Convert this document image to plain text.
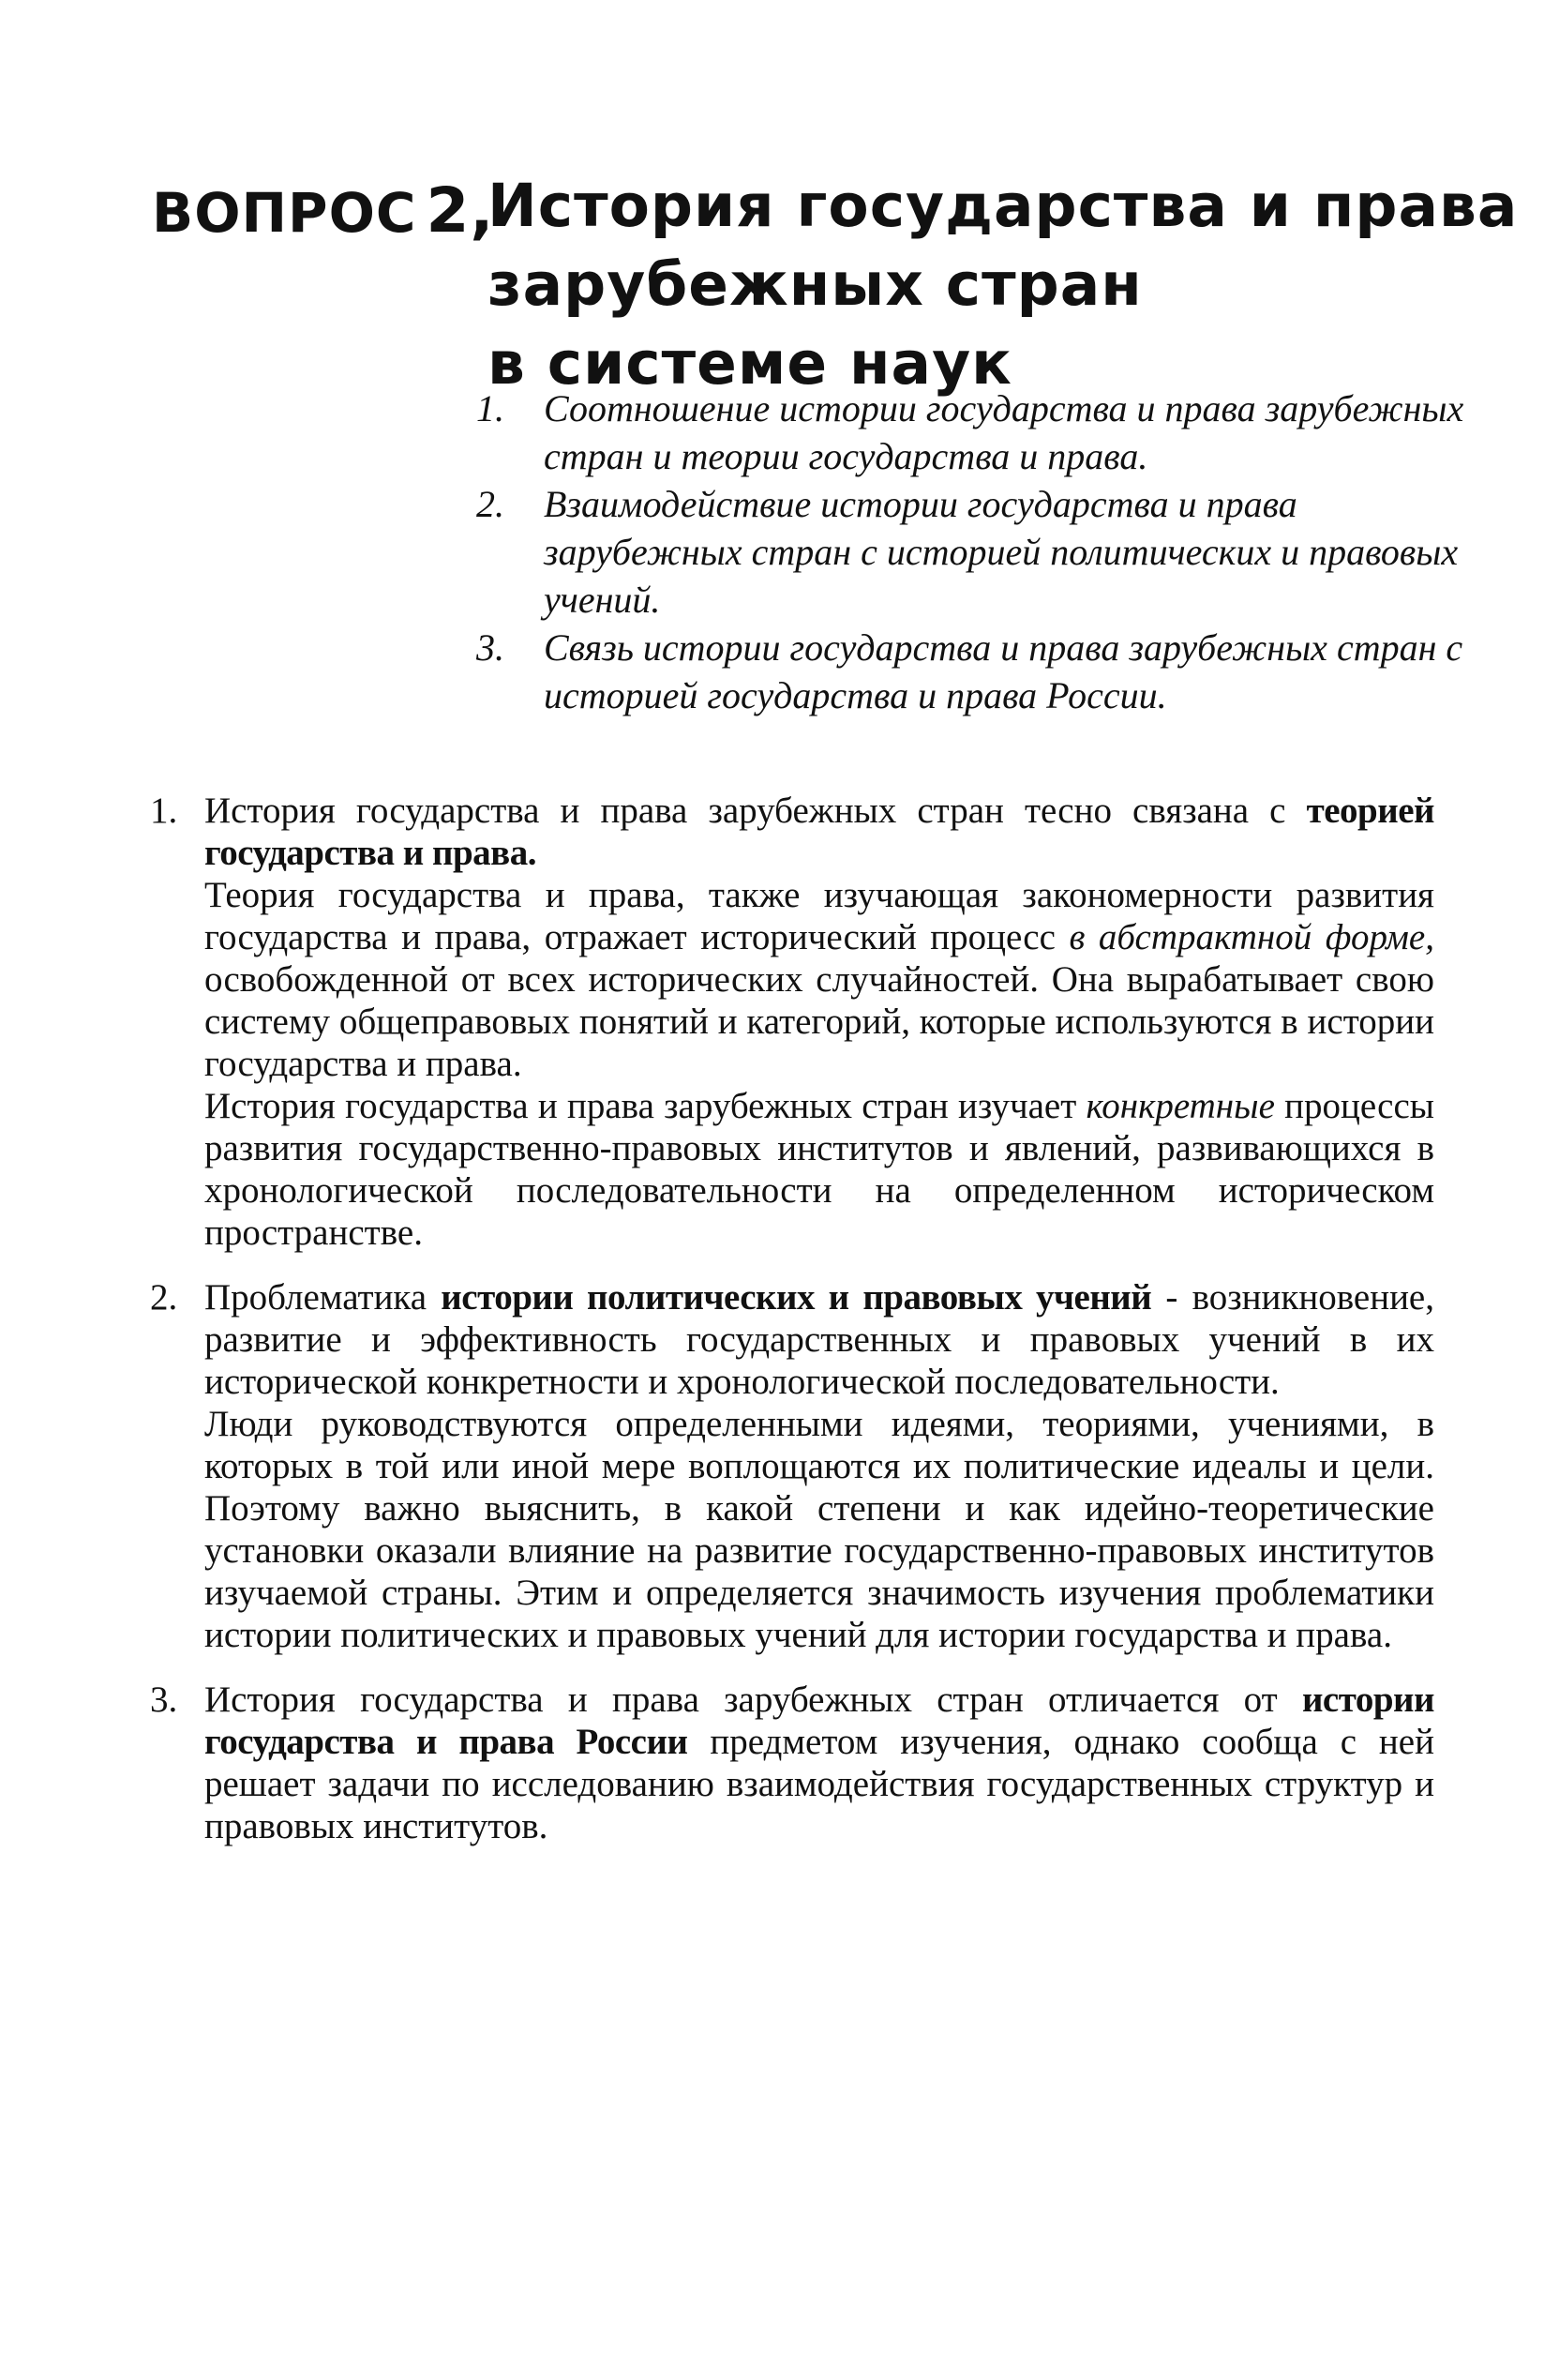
ВОПРОС 2,
История государства и права
зарубежных стран
в системе наук
1.	Соотношение истории государства и права зарубежных стран и теории государства и права.
2.	Взаимодействие истории государства и права зарубежных стран с историей политических и правовых учений.
3.	Связь истории государства и права зарубежных стран с историей государства и права России.
1. История государства и права зарубежных стран тесно связана с теорией государства и права.
Теория государства и права, также изучающая закономерности развития государства и права, отражает исторический процесс в абстрактной форме, освобожденной от всех исторических случайностей. Она вырабатывает свою систему общеправовых понятий и категорий, которые используются в истории государства и права.
История государства и права зарубежных стран изучает конкретные процессы развития государственно-правовых институтов и явлений, развивающихся в хронологической последовательности на определенном историческом пространстве.
2. Проблематика истории политических и правовых учений - возникновение, развитие и эффективность государственных и правовых учений в их исторической конкретности и хронологической последовательности.
Люди руководствуются определенными идеями, теориями, учениями, в которых в той или иной мере воплощаются их политические идеалы и цели. Поэтому важно выяснить, в какой степени и как идейно-теоретические установки оказали влияние на развитие государственно-правовых институтов изучаемой страны. Этим и определяется значимость изучения проблематики истории политических и правовых учений для истории государства и права.
3. История государства и права зарубежных стран отличается от истории государства и права России предметом изучения, однако сообща с ней решает задачи по исследованию взаимодействия государственных структур и правовых институтов.
